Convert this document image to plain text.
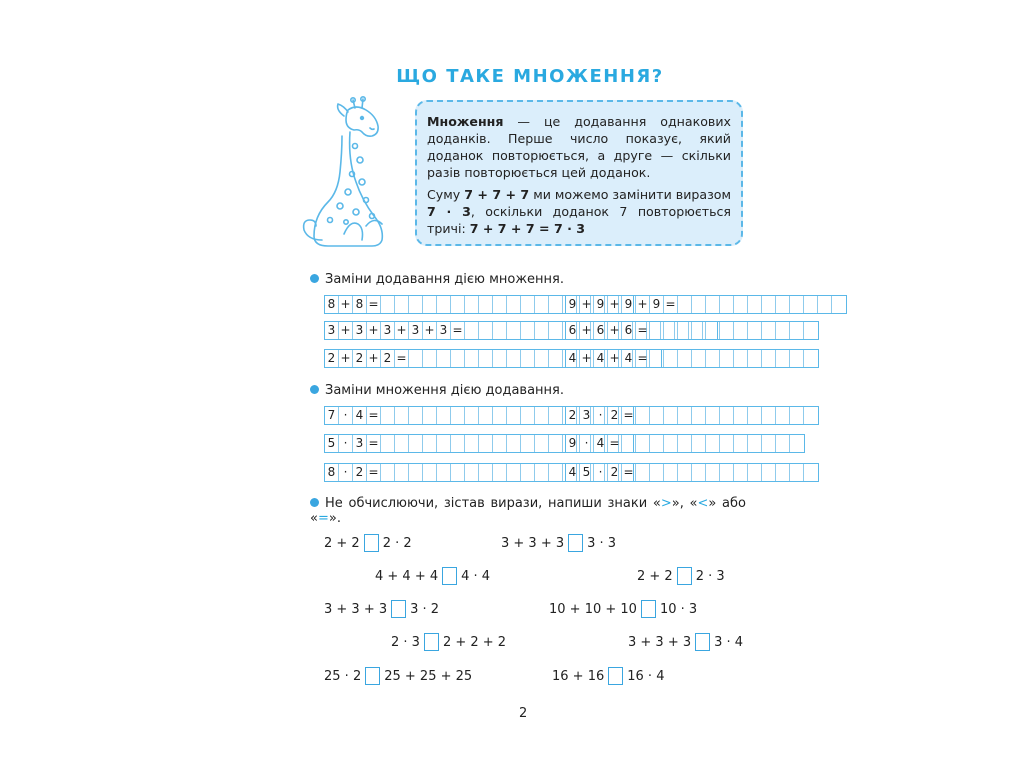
ЩО ТАКЕ МНОЖЕННЯ?

Множення — це додавання однакових доданків. Перше число показує, який доданок повторюється, а друге — скільки разів повторюється цей доданок.

Суму 7 + 7 + 7 ми можемо замінити виразом 7 · 3, оскільки доданок 7 повторюється тричі: 7 + 7 + 7 = 7 · 3

Заміни додавання дією множення.
8 + 8 =	9 + 9 + 9 + 9 =
3 + 3 + 3 + 3 + 3 =	6 + 6 + 6 =
2 + 2 + 2 =	4 + 4 + 4 =
Заміни множення дією додавання.
7 · 4 =	2 3 · 2 =
5 · 3 =	9 · 4 =
8 · 2 =	4 5 · 2 =
Не обчислюючи, зістав вирази, напиши знаки «>», «<» або «=».
2 + 2 2 · 2	3 + 3 + 3 3 · 3
4 + 4 + 4 4 · 4	2 + 2 2 · 3
3 + 3 + 3 3 · 2	10 + 10 + 10 10 · 3
2 · 3 2 + 2 + 2	3 + 3 + 3 3 · 4
25 · 2 25 + 25 + 25	16 + 16 16 · 4
2
